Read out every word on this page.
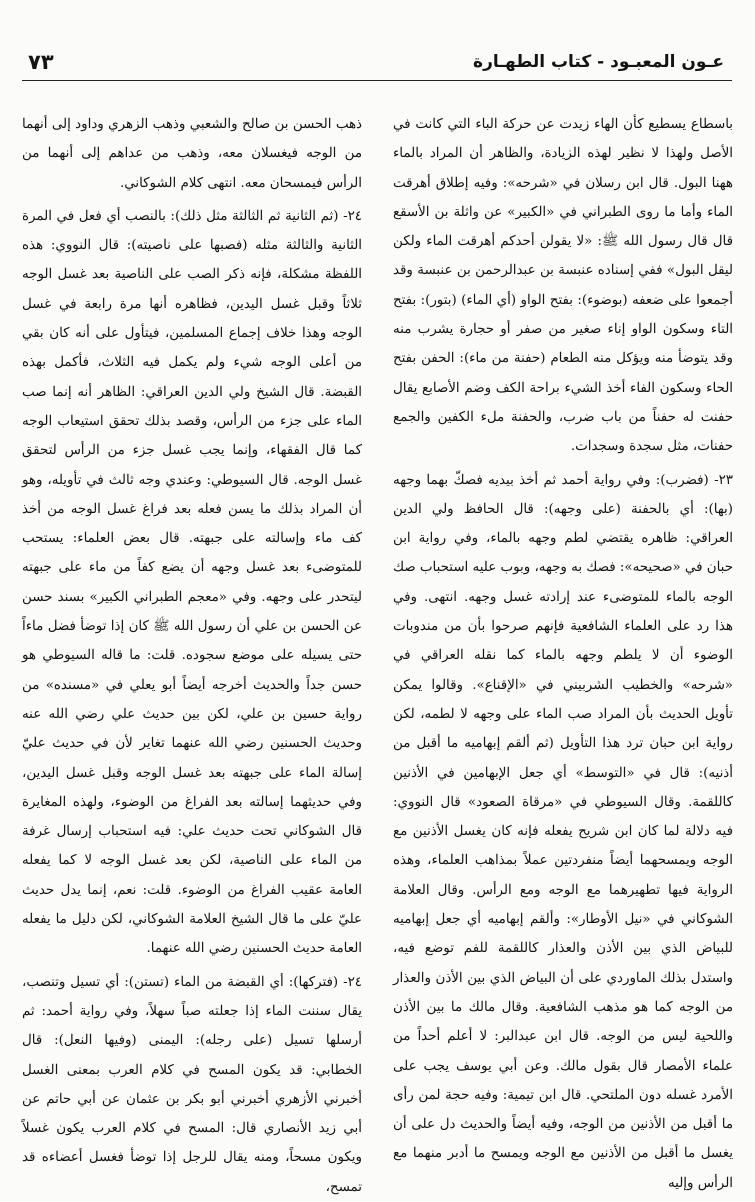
٧٣	عـون المعبـود - كتاب الطهـارة

باسطاع يسطيع كأن الهاء زيدت عن حركة الباء التي كانت في الأصل ولهذا لا نظير لهذه الزيادة، والظاهر أن المراد بالماء ههنا البول. قال ابن رسلان في «شرحه»: وفيه إطلاق أهرقت الماء وأما ما روى الطبراني في «الكبير» عن واثلة بن الأسقع قال قال رسول الله ﷺ: «لا يقولن أحدكم أهرقت الماء ولكن ليقل البول» ففي إسناده عنبسة بن عبدالرحمن بن عنبسة وقد أجمعوا على ضعفه (بوضوء): بفتح الواو (أي الماء) (بتور): بفتح التاء وسكون الواو إناء صغير من صفر أو حجارة يشرب منه وقد يتوضأ منه ويؤكل منه الطعام (حفنة من ماء): الحفن بفتح الحاء وسكون الفاء أخذ الشيء براحة الكف وضم الأصابع يقال حفنت له حفناً من باب ضرب، والحفنة ملء الكفين والجمع حفنات، مثل سجدة وسجدات.

٢٣- (فضرب): وفي رواية أحمد ثم أخذ بيديه فصكّ بهما وجهه (بها): أي بالحفنة (على وجهه): قال الحافظ ولي الدين العراقي: ظاهره يقتضي لطم وجهه بالماء، وفي رواية ابن حبان في «صحيحه»: فصك به وجهه، وبوب عليه استحباب صك الوجه بالماء للمتوضىء عند إرادته غسل وجهه. انتهى. وفي هذا رد على العلماء الشافعية فإنهم صرحوا بأن من مندوبات الوضوء أن لا يلطم وجهه بالماء كما نقله العراقي في «شرحه» والخطيب الشربيني في «الإقناع». وقالوا يمكن تأويل الحديث بأن المراد صب الماء على وجهه لا لطمه، لكن رواية ابن حبان ترد هذا التأويل (ثم ألقم إبهاميه ما أقبل من أذنيه): قال في «التوسط» أي جعل الإبهامين في الأذنين كاللقمة. وقال السيوطي في «مرقاة الصعود» قال النووي: فيه دلالة لما كان ابن شريح يفعله فإنه كان يغسل الأذنين مع الوجه ويمسحهما أيضاً منفردتين عملاً بمذاهب العلماء، وهذه الرواية فيها تطهيرهما مع الوجه ومع الرأس. وقال العلامة الشوكاني في «نيل الأوطار»: وألقم إبهاميه أي جعل إبهاميه للبياض الذي بين الأذن والعذار كاللقمة للفم توضع فيه، واستدل بذلك الماوردي على أن البياض الذي بين الأذن والعذار من الوجه كما هو مذهب الشافعية. وقال مالك ما بين الأذن واللحية ليس من الوجه. قال ابن عبدالبر: لا أعلم أحداً من علماء الأمصار قال بقول مالك. وعن أبي يوسف يجب على الأمرد غسله دون الملتحي. قال ابن تيمية: وفيه حجة لمن رأى ما أقبل من الأذنين من الوجه، وفيه أيضاً والحديث دل على أن يغسل ما أقبل من الأذنين مع الوجه ويمسح ما أدبر منهما مع الرأس وإليه

ذهب الحسن بن صالح والشعبي وذهب الزهري وداود إلى أنهما من الوجه فيغسلان معه، وذهب من عداهم إلى أنهما من الرأس فيمسحان معه. انتهى كلام الشوكاني.

٢٤- (ثم الثانية ثم الثالثة مثل ذلك): بالنصب أي فعل في المرة الثانية والثالثة مثله (فصبها على ناصيته): قال النووي: هذه اللفظة مشكلة، فإنه ذكر الصب على الناصية بعد غسل الوجه ثلاثاً وقبل غسل اليدين، فظاهره أنها مرة رابعة في غسل الوجه وهذا خلاف إجماع المسلمين، فيتأول على أنه كان بقي من أعلى الوجه شيء ولم يكمل فيه الثلاث، فأكمل بهذه القبضة. قال الشيخ ولي الدين العراقي: الظاهر أنه إنما صب الماء على جزء من الرأس، وقصد بذلك تحقق استيعاب الوجه كما قال الفقهاء، وإنما يجب غسل جزء من الرأس لتحقق غسل الوجه. قال السيوطي: وعندي وجه ثالث في تأويله، وهو أن المراد بذلك ما يسن فعله بعد فراغ غسل الوجه من أخذ كف ماء وإسالته على جبهته. قال بعض العلماء: يستحب للمتوضىء بعد غسل وجهه أن يضع كفاً من ماء على جبهته ليتحدر على وجهه. وفي «معجم الطبراني الكبير» بسند حسن عن الحسن بن علي أن رسول الله ﷺ كان إذا توضأ فضل ماءاً حتى يسيله على موضع سجوده. قلت: ما قاله السيوطي هو حسن جداً والحديث أخرجه أيضاً أبو يعلي في «مسنده» من رواية حسين بن علي، لكن بين حديث علي رضي الله عنه وحديث الحسنين رضي الله عنهما تغاير لأن في حديث عليّ إسالة الماء على جبهته بعد غسل الوجه وقبل غسل اليدين، وفي حديثهما إسالته بعد الفراغ من الوضوء، ولهذه المغايرة قال الشوكاني تحت حديث علي: فيه استحباب إرسال غرفة من الماء على الناصية، لكن بعد غسل الوجه لا كما يفعله العامة عقيب الفراغ من الوضوء. قلت: نعم، إنما يدل حديث عليّ على ما قال الشيخ العلامة الشوكاني، لكن دليل ما يفعله العامة حديث الحسنين رضي الله عنهما.

٢٤- (فتركها): أي القبضة من الماء (تستن): أي تسيل وتنصب، يقال سننت الماء إذا جعلته صباً سهلاً، وفي رواية أحمد: ثم أرسلها تسيل (على رجله): اليمنى (وفيها النعل): قال الخطابي: قد يكون المسح في كلام العرب بمعنى الغسل أخبرني الأزهري أخبرني أبو بكر بن عثمان عن أبي حاتم عن أبي زيد الأنصاري قال: المسح في كلام العرب يكون غسلاً ويكون مسحاً، ومنه يقال للرجل إذا توضأ فغسل أعضاءه قد تمسح،
